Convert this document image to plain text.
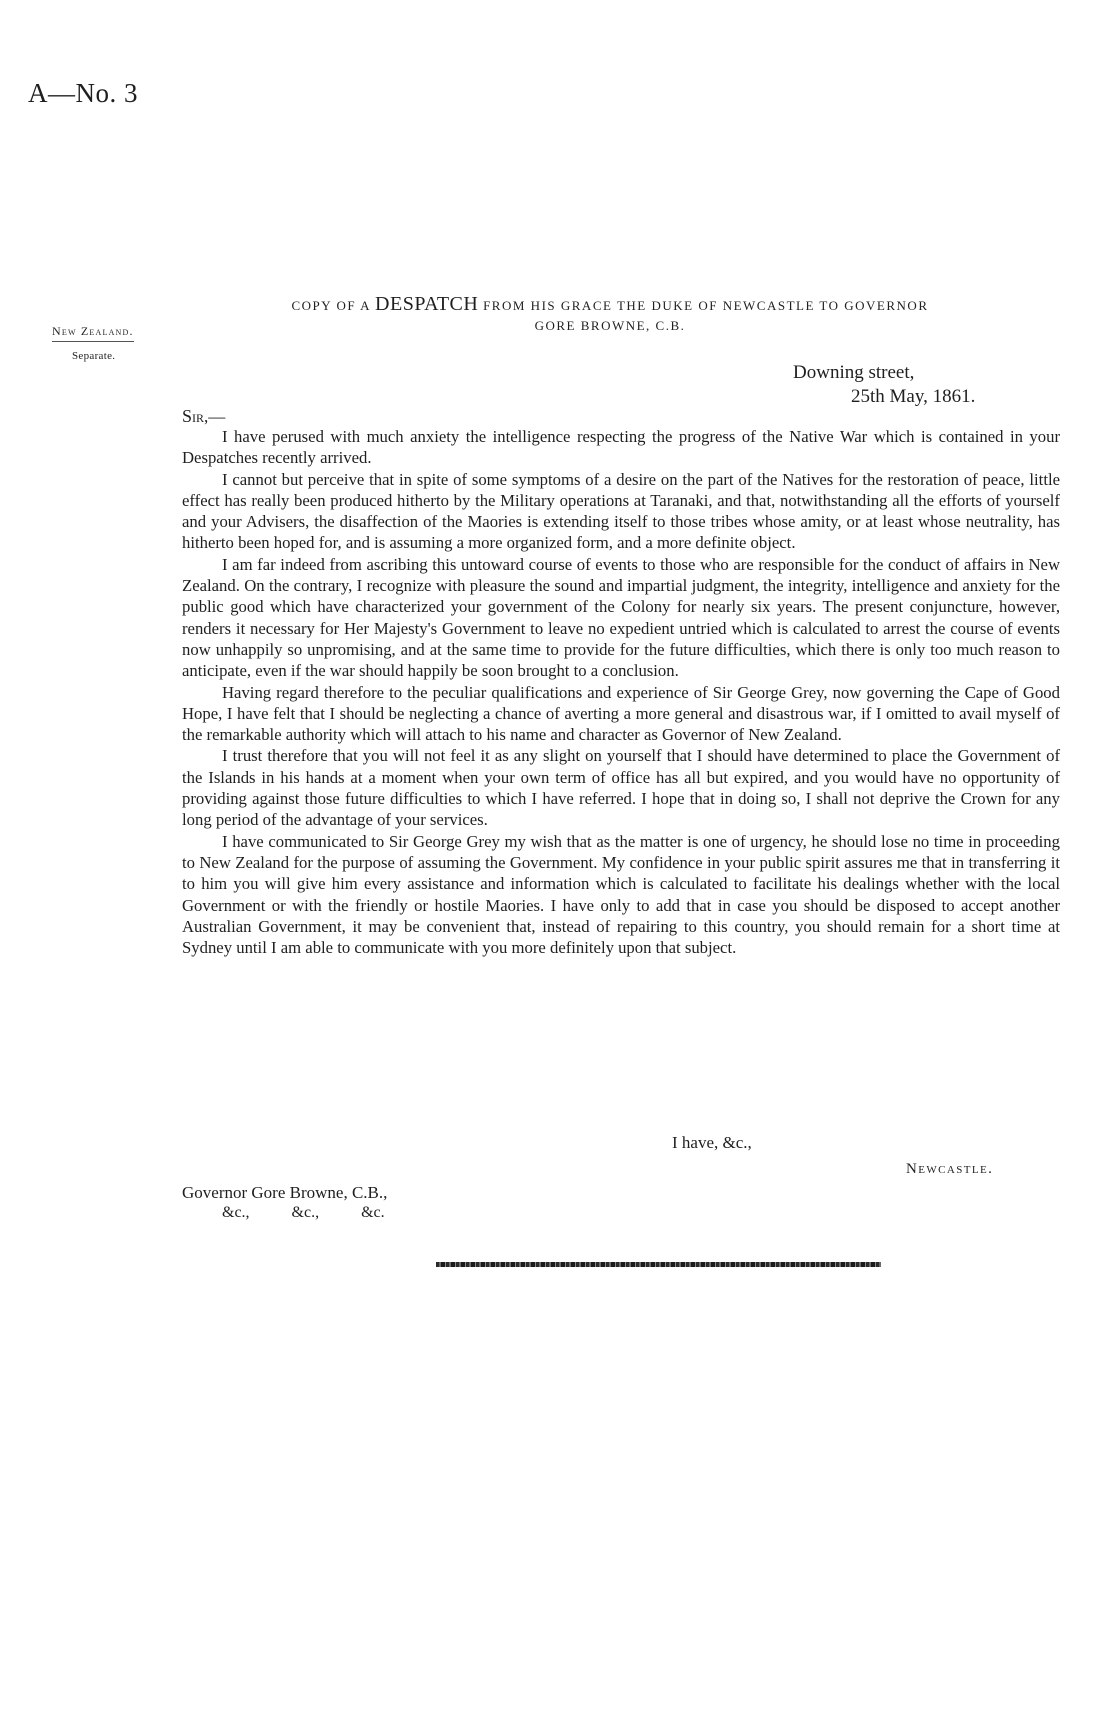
A—No. 3
New Zealand.
Separate.
COPY OF A DESPATCH FROM HIS GRACE THE DUKE OF NEWCASTLE TO GOVERNOR
GORE BROWNE, C.B.
Downing street,
25th May, 1861.
Sir,—

I have perused with much anxiety the intelligence respecting the progress of the Native War which is contained in your Despatches recently arrived.

I cannot but perceive that in spite of some symptoms of a desire on the part of the Natives for the restoration of peace, little effect has really been produced hitherto by the Military operations at Taranaki, and that, notwithstanding all the efforts of yourself and your Advisers, the disaffection of the Maories is extending itself to those tribes whose amity, or at least whose neutrality, has hitherto been hoped for, and is assuming a more organized form, and a more definite object.

I am far indeed from ascribing this untoward course of events to those who are responsible for the conduct of affairs in New Zealand. On the contrary, I recognize with pleasure the sound and impartial judgment, the integrity, intelligence and anxiety for the public good which have characterized your government of the Colony for nearly six years. The present conjuncture, however, renders it necessary for Her Majesty's Government to leave no expedient untried which is calculated to arrest the course of events now unhappily so unpromising, and at the same time to provide for the future difficulties, which there is only too much reason to anticipate, even if the war should happily be soon brought to a conclusion.

Having regard therefore to the peculiar qualifications and experience of Sir George Grey, now governing the Cape of Good Hope, I have felt that I should be neglecting a chance of averting a more general and disastrous war, if I omitted to avail myself of the remarkable authority which will attach to his name and character as Governor of New Zealand.

I trust therefore that you will not feel it as any slight on yourself that I should have determined to place the Government of the Islands in his hands at a moment when your own term of office has all but expired, and you would have no opportunity of providing against those future difficulties to which I have referred. I hope that in doing so, I shall not deprive the Crown for any long period of the advantage of your services.

I have communicated to Sir George Grey my wish that as the matter is one of urgency, he should lose no time in proceeding to New Zealand for the purpose of assuming the Government. My confidence in your public spirit assures me that in transferring it to him you will give him every assistance and information which is calculated to facilitate his dealings whether with the local Government or with the friendly or hostile Maories. I have only to add that in case you should be disposed to accept another Australian Government, it may be convenient that, instead of repairing to this country, you should remain for a short time at Sydney until I am able to communicate with you more definitely upon that subject.

I have, &c.,
Newcastle.
Governor Gore Browne, C.B.,
&c.,	&c.,	&c.
